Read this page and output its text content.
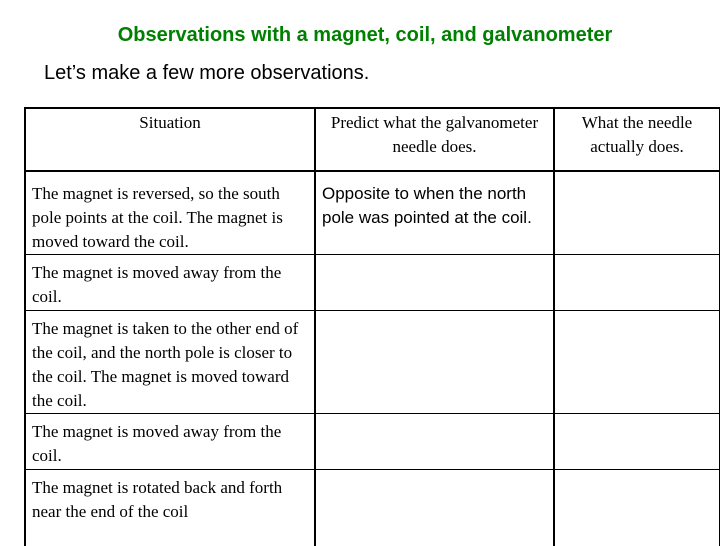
Observations with a magnet, coil, and galvanometer
Let’s make a few more observations.
Situation	Predict what the galvanometer needle does.	What the needle actually does.
The magnet is reversed, so the south pole points at the coil. The magnet is moved toward the coil.	Opposite to when the north pole was pointed at the coil.	
The magnet is moved away from the coil.		
The magnet is taken to the other end of the coil, and the north pole is closer to the coil. The magnet is moved toward the coil.		
The magnet is moved away from the coil.		
The magnet is rotated back and forth near the end of the coil		
